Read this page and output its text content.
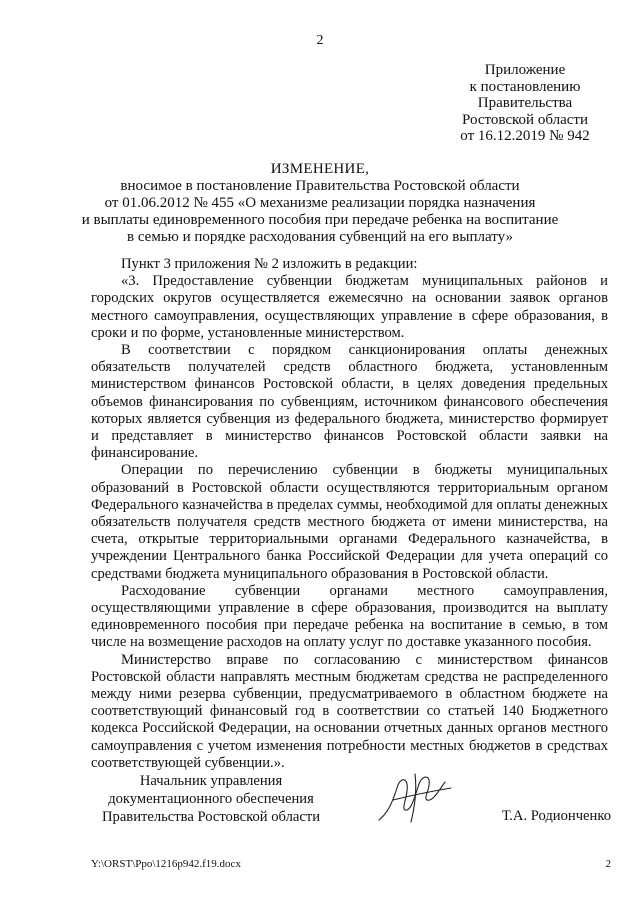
2
Приложение
к постановлению
Правительства
Ростовской области
от 16.12.2019 № 942
ИЗМЕНЕНИЕ,
вносимое в постановление Правительства Ростовской области
от 01.06.2012 № 455 «О механизме реализации порядка назначения
и выплаты единовременного пособия при передаче ребенка на воспитание
в семью и порядке расходования субвенций на его выплату»

Пункт 3 приложения № 2 изложить в редакции:

«3. Предоставление субвенции бюджетам муниципальных районов и городских округов осуществляется ежемесячно на основании заявок органов местного самоуправления, осуществляющих управление в сфере образования, в сроки и по форме, установленные министерством.

В соответствии с порядком санкционирования оплаты денежных обязательств получателей средств областного бюджета, установленным министерством финансов Ростовской области, в целях доведения предельных объемов финансирования по субвенциям, источником финансового обеспечения которых является субвенция из федерального бюджета, министерство формирует и представляет в министерство финансов Ростовской области заявки на финансирование.

Операции по перечислению субвенции в бюджеты муниципальных образований в Ростовской области осуществляются территориальным органом Федерального казначейства в пределах суммы, необходимой для оплаты денежных обязательств получателя средств местного бюджета от имени министерства, на счета, открытые территориальными органами Федерального казначейства, в учреждении Центрального банка Российской Федерации для учета операций со средствами бюджета муниципального образования в Ростовской области.

Расходование субвенции органами местного самоуправления, осуществляющими управление в сфере образования, производится на выплату единовременного пособия при передаче ребенка на воспитание в семью, в том числе на возмещение расходов на оплату услуг по доставке указанного пособия.

Министерство вправе по согласованию с министерством финансов Ростовской области направлять местным бюджетам средства не распределенного между ними резерва субвенции, предусматриваемого в областном бюджете на соответствующий финансовый год в соответствии со статьей 140 Бюджетного кодекса Российской Федерации, на основании отчетных данных органов местного самоуправления с учетом изменения потребности местных бюджетов в средствах соответствующей субвенции.».

Начальник управления
документационного обеспечения
Правительства Ростовской области	Т.А. Родионченко
Y:\ORST\Ppo\1216p942.f19.docx	2
